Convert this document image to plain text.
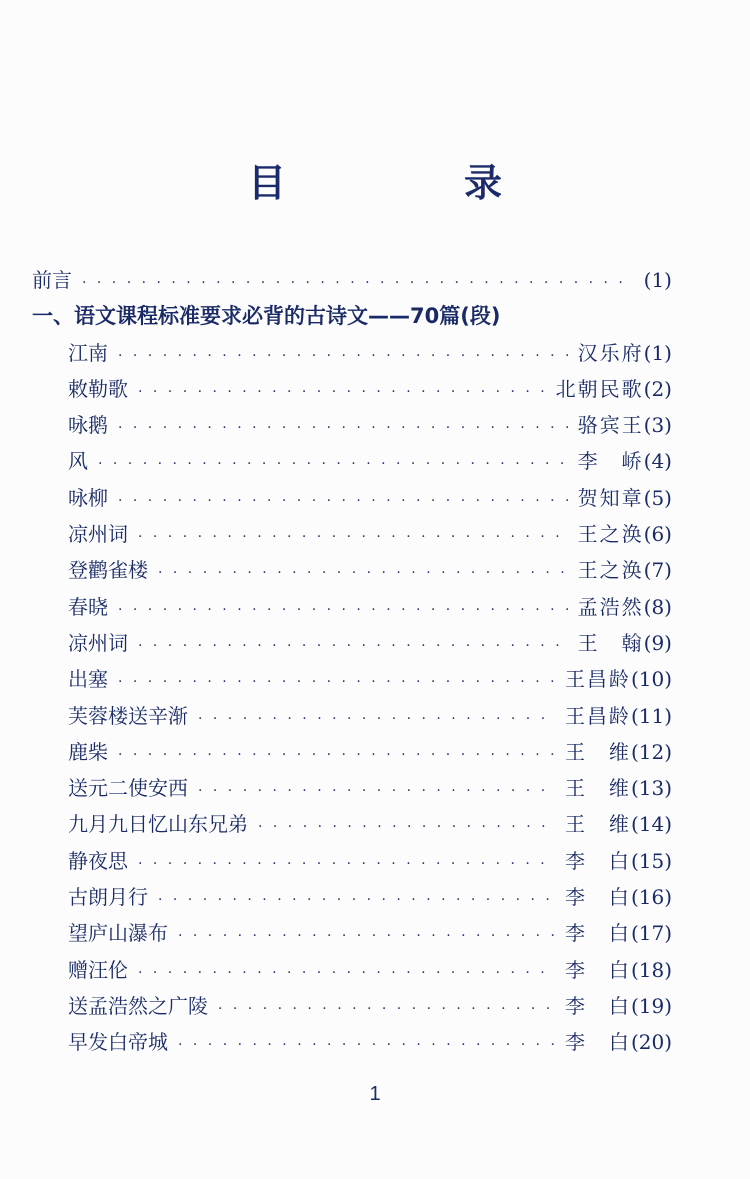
目　录
前言 · · ·	(1)
一、语文课程标准要求必背的古诗文——70篇(段)
江南 · · ·	汉乐府 (1)
敕勒歌 · · ·	北朝民歌 (2)
咏鹅 · · ·	骆宾王 (3)
风 · · ·	李　峤 (4)
咏柳 · · ·	贺知章 (5)
凉州词 · · ·	王之涣 (6)
登鹳雀楼 · · ·	王之涣 (7)
春晓 · · ·	孟浩然 (8)
凉州词 · · ·	王　翰 (9)
出塞 · · ·	王昌龄 (10)
芙蓉楼送辛渐 · · ·	王昌龄 (11)
鹿柴 · · ·	王　维 (12)
送元二使安西 · · ·	王　维 (13)
九月九日忆山东兄弟 · · ·	王　维 (14)
静夜思 · · ·	李　白 (15)
古朗月行 · · ·	李　白 (16)
望庐山瀑布 · · ·	李　白 (17)
赠汪伦 · · ·	李　白 (18)
送孟浩然之广陵 · · ·	李　白 (19)
早发白帝城 · · ·	李　白 (20)
1
